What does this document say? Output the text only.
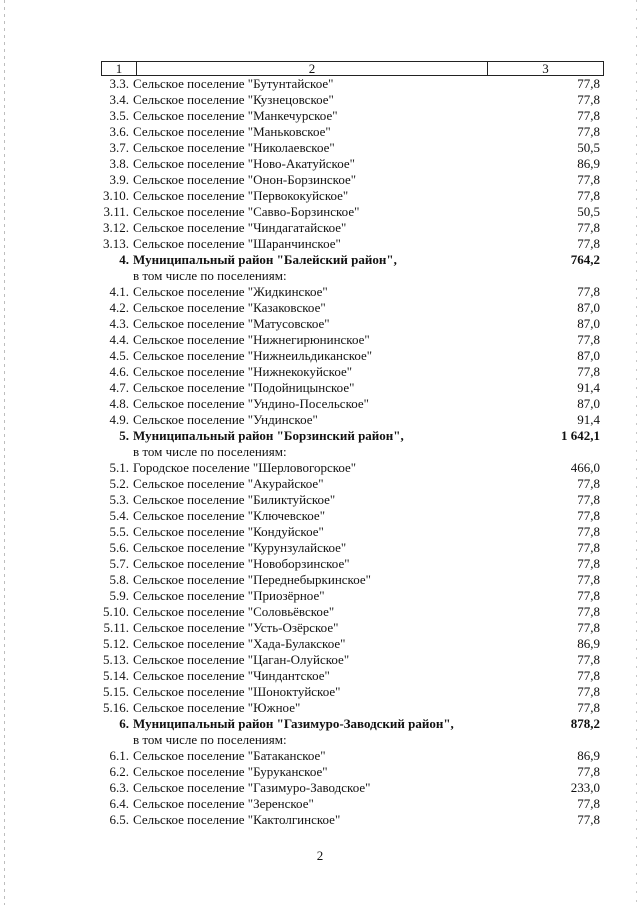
1	2	3
3.3. Сельское поселение "Бутунтайское"	77,8
3.4. Сельское поселение "Кузнецовское"	77,8
3.5. Сельское поселение "Манкечурское"	77,8
3.6. Сельское поселение "Маньковское"	77,8
3.7. Сельское поселение "Николаевское"	50,5
3.8. Сельское поселение "Ново-Акатуйское"	86,9
3.9. Сельское поселение "Онон-Борзинское"	77,8
3.10. Сельское поселение "Первококуйское"	77,8
3.11. Сельское поселение "Савво-Борзинское"	50,5
3.12. Сельское поселение "Чиндагатайское"	77,8
3.13. Сельское поселение "Шаранчинское"	77,8
4. Муниципальный район "Балейский район",	764,2
в том числе по поселениям:
4.1. Сельское поселение "Жидкинское"	77,8
4.2. Сельское поселение "Казаковское"	87,0
4.3. Сельское поселение "Матусовское"	87,0
4.4. Сельское поселение "Нижнегирюнинское"	77,8
4.5. Сельское поселение "Нижнеильдиканское"	87,0
4.6. Сельское поселение "Нижнекокуйское"	77,8
4.7. Сельское поселение "Подойницынское"	91,4
4.8. Сельское поселение "Ундино-Посельское"	87,0
4.9. Сельское поселение "Ундинское"	91,4
5. Муниципальный район "Борзинский район",	1 642,1
в том числе по поселениям:
5.1. Городское поселение "Шерловогорское"	466,0
5.2. Сельское поселение "Акурайское"	77,8
5.3. Сельское поселение "Биликтуйское"	77,8
5.4. Сельское поселение "Ключевское"	77,8
5.5. Сельское поселение "Кондуйское"	77,8
5.6. Сельское поселение "Курунзулайское"	77,8
5.7. Сельское поселение "Новоборзинское"	77,8
5.8. Сельское поселение "Переднебыркинское"	77,8
5.9. Сельское поселение "Приозёрное"	77,8
5.10. Сельское поселение "Соловьёвское"	77,8
5.11. Сельское поселение "Усть-Озёрское"	77,8
5.12. Сельское поселение "Хада-Булакское"	86,9
5.13. Сельское поселение "Цаган-Олуйское"	77,8
5.14. Сельское поселение "Чиндантское"	77,8
5.15. Сельское поселение "Шоноктуйское"	77,8
5.16. Сельское поселение "Южное"	77,8
6. Муниципальный район "Газимуро-Заводский район",	878,2
в том числе по поселениям:
6.1. Сельское поселение "Батаканское"	86,9
6.2. Сельское поселение "Буруканское"	77,8
6.3. Сельское поселение "Газимуро-Заводское"	233,0
6.4. Сельское поселение "Зеренское"	77,8
6.5. Сельское поселение "Кактолгинское"	77,8
2
